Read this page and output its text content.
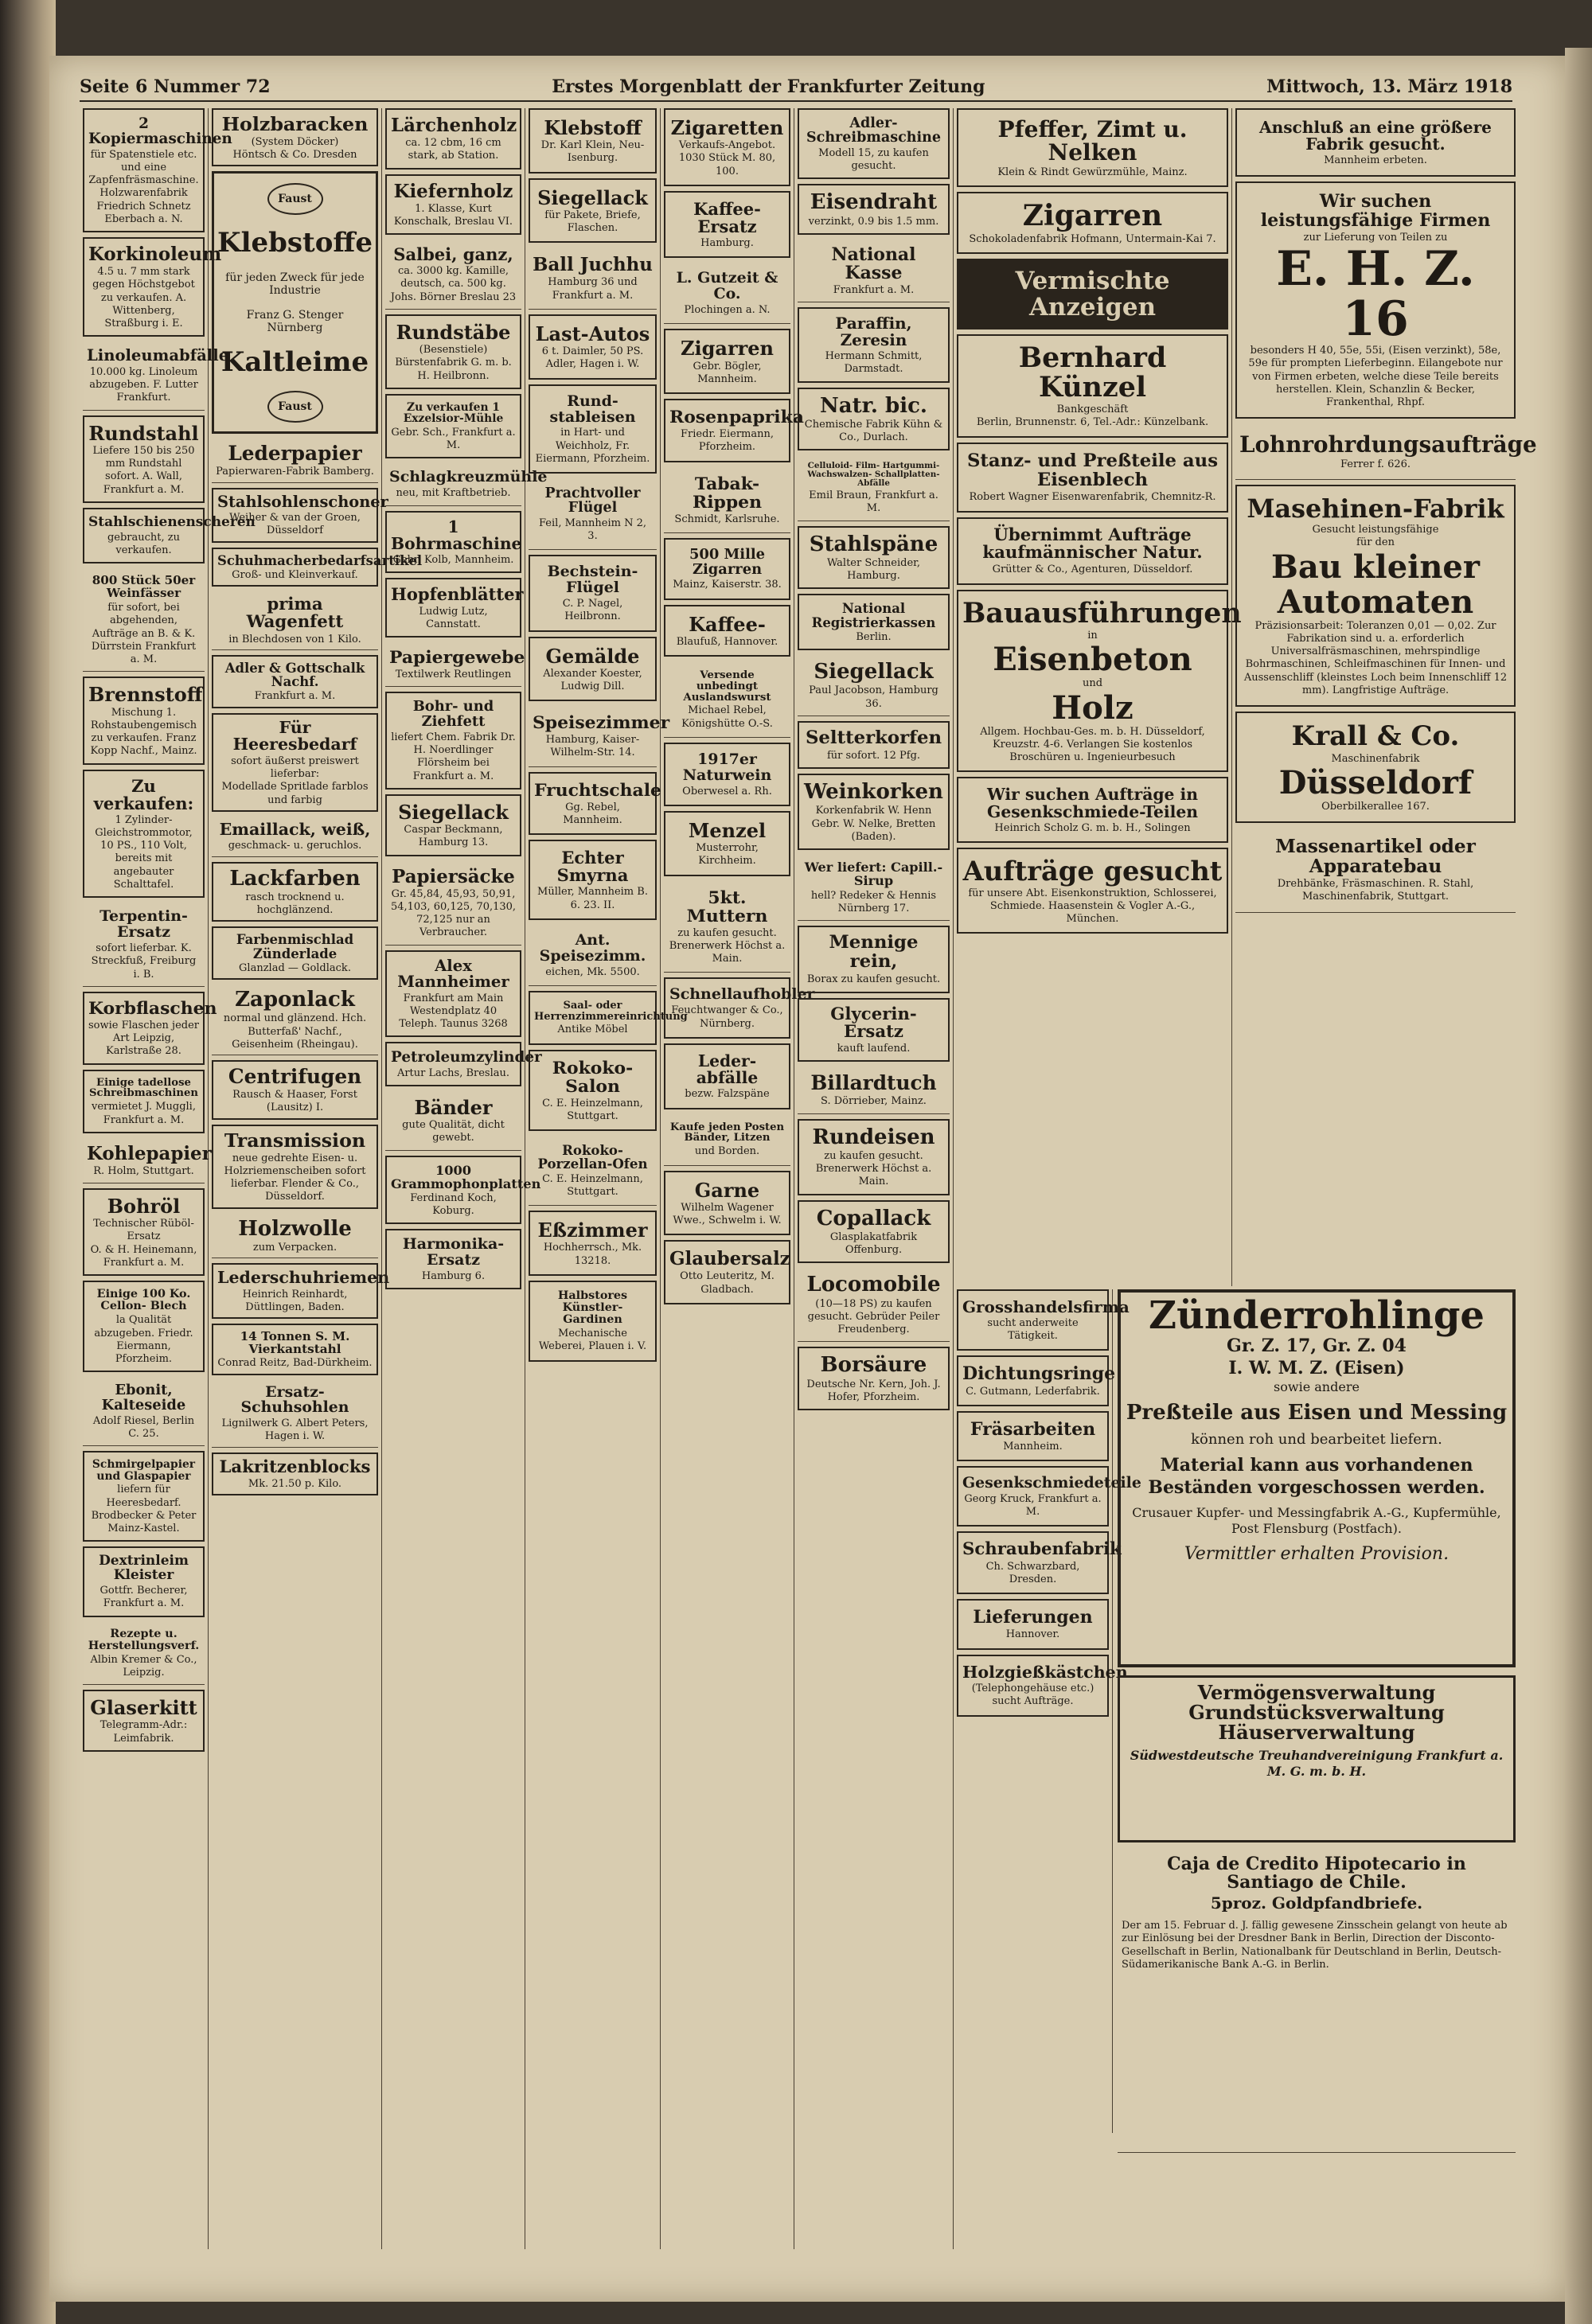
Seite 6 Nummer 72	Erstes Morgenblatt der Frankfurter Zeitung	Mittwoch, 13. März 1918
2 Kopiermaschinen
für Spatenstiele etc. und eine Zapfenfräsmaschine.
Holzwarenfabrik Friedrich Schnetz Eberbach a. N.
Korkinoleum
4.5 u. 7 mm stark gegen Höchstgebot zu verkaufen. A. Wittenberg, Straßburg i. E.
Linoleumabfälle
10.000 kg. Linoleum abzugeben. F. Lutter Frankfurt.
Rundstahl
Liefere 150 bis 250 mm Rundstahl sofort. A. Wall, Frankfurt a. M.
Stahlschienenscheren
gebraucht, zu verkaufen.
800 Stück 50er Weinfässer
für sofort, bei abgehenden, Aufträge an B. & K. Dürrstein Frankfurt a. M.
Brennstoff
Mischung 1. Rohstaubengemisch zu verkaufen. Franz Kopp Nachf., Mainz.
Zu verkaufen:
1 Zylinder-Gleichstrommotor, 10 PS., 110 Volt, bereits mit angebauter Schalttafel.
Terpentin-Ersatz
sofort lieferbar. K. Streckfuß, Freiburg i. B.
Korbflaschen
sowie Flaschen jeder Art Leipzig, Karlstraße 28.
Einige tadellose Schreibmaschinen
vermietet J. Muggli, Frankfurt a. M.
Kohlepapier
R. Holm, Stuttgart.
Bohröl
Technischer Rüböl-Ersatz
O. & H. Heinemann, Frankfurt a. M.
Einige 100 Ko. Cellon- Blech
la Qualität
abzugeben. Friedr. Eiermann, Pforzheim.
Ebonit, Kalteseide
Adolf Riesel, Berlin C. 25.
Schmirgelpapier und Glaspapier
liefern für Heeresbedarf. Brodbecker & Peter Mainz-Kastel.
Dextrinleim Kleister
Gottfr. Becherer, Frankfurt a. M.
Rezepte u. Herstellungsverf.
Albin Kremer & Co., Leipzig.
Glaserkitt
Telegramm-Adr.: Leimfabrik.
Holzbaracken
(System Döcker)
Höntsch & Co. Dresden
Faust
Klebstoffe
für jeden Zweck für jede Industrie
Franz G. Stenger Nürnberg
Kaltleime
Faust
Lederpapier
Papierwaren-Fabrik Bamberg.
Stahlsohlenschoner
Weiher & van der Groen, Düsseldorf
Schuhmacherbedarfsartikel
Groß- und Kleinverkauf.
prima Wagenfett
in Blechdosen von 1 Kilo.
Adler & Gottschalk Nachf.
Frankfurt a. M.
Für Heeresbedarf
sofort äußerst preiswert lieferbar:
Modellade Spritlade farblos und farbig
Emaillack, weiß,
geschmack- u. geruchlos.
Lackfarben
rasch trocknend u. hochglänzend.
Farbenmischlad Zünderlade
Glanzlad — Goldlack.
Zaponlack
normal und glänzend. Hch. Butterfaß' Nachf., Geisenheim (Rheingau).
Centrifugen
Rausch & Haaser, Forst (Lausitz) I.
Transmission
neue gedrehte Eisen- u. Holzriemenscheiben sofort lieferbar. Flender & Co., Düsseldorf.
Holzwolle
zum Verpacken.
Lederschuhriemen
Heinrich Reinhardt, Düttlingen, Baden.
14 Tonnen S. M. Vierkantstahl
Conrad Reitz, Bad-Dürkheim.
Ersatz- Schuhsohlen
Lignilwerk G. Albert Peters, Hagen i. W.
Lakritzenblocks
Mk. 21.50 p. Kilo.
Lärchenholz
ca. 12 cbm, 16 cm stark, ab Station.
Kiefernholz
1. Klasse, Kurt Konschalk, Breslau VI.
Salbei, ganz,
ca. 3000 kg. Kamille, deutsch, ca. 500 kg. Johs. Börner Breslau 23
Rundstäbe
(Besenstiele)
Bürstenfabrik G. m. b. H. Heilbronn.
Zu verkaufen 1 Exzelsior-Mühle
Gebr. Sch., Frankfurt a. M.
Schlagkreuzmühle
neu, mit Kraftbetrieb.
1 Bohrmaschine
Gebr. Kolb, Mannheim.
Hopfenblätter
Ludwig Lutz, Cannstatt.
Papiergewebe
Textilwerk Reutlingen
Bohr- und Ziehfett
liefert Chem. Fabrik Dr. H. Noerdlinger Flörsheim bei Frankfurt a. M.
Siegellack
Caspar Beckmann, Hamburg 13.
Papiersäcke
Gr. 45,84, 45,93, 50,91, 54,103, 60,125, 70,130, 72,125 nur an Verbraucher.
Alex Mannheimer
Frankfurt am Main Westendplatz 40 Teleph. Taunus 3268
Petroleumzylinder
Artur Lachs, Breslau.
Bänder
gute Qualität, dicht gewebt.
1000 Grammophonplatten
Ferdinand Koch, Koburg.
Harmonika-Ersatz
Hamburg 6.
Klebstoff
Dr. Karl Klein, Neu-Isenburg.
Siegellack
für Pakete, Briefe, Flaschen.
Ball Juchhu
Hamburg 36 und Frankfurt a. M.
Last-Autos
6 t. Daimler, 50 PS. Adler, Hagen i. W.
Rund- stableisen
in Hart- und Weichholz, Fr. Eiermann, Pforzheim.
Prachtvoller Flügel
Feil, Mannheim N 2, 3.
Bechstein-Flügel
C. P. Nagel, Heilbronn.
Gemälde
Alexander Koester, Ludwig Dill.
Speisezimmer
Hamburg, Kaiser-Wilhelm-Str. 14.
Fruchtschale
Gg. Rebel, Mannheim.
Echter Smyrna
Müller, Mannheim B. 6. 23. II.
Ant. Speisezimm.
eichen, Mk. 5500.
Saal- oder Herrenzimmereinrichtung
Antike Möbel
Rokoko-Salon
C. E. Heinzelmann, Stuttgart.
Rokoko-Porzellan-Ofen
C. E. Heinzelmann, Stuttgart.
Eßzimmer
Hochherrsch., Mk. 13218.
Halbstores Künstler-Gardinen
Mechanische Weberei, Plauen i. V.
Zigaretten
Verkaufs-Angebot. 1030 Stück M. 80, 100.
Kaffee-Ersatz
Hamburg.
L. Gutzeit & Co.
Plochingen a. N.
Zigarren
Gebr. Bögler, Mannheim.
Rosenpaprika
Friedr. Eiermann, Pforzheim.
Tabak-Rippen
Schmidt, Karlsruhe.
500 Mille Zigarren
Mainz, Kaiserstr. 38.
Kaffee-
Blaufuß, Hannover.
Versende unbedingt Auslandswurst
Michael Rebel, Königshütte O.-S.
1917er Naturwein
Oberwesel a. Rh.
Menzel
Musterrohr, Kirchheim.
5kt. Muttern
zu kaufen gesucht. Brenerwerk Höchst a. Main.
Schnellaufhobler
Feuchtwanger & Co., Nürnberg.
Leder- abfälle
bezw. Falzspäne
Kaufe jeden Posten Bänder, Litzen
und Borden.
Garne
Wilhelm Wagener Wwe., Schwelm i. W.
Glaubersalz
Otto Leuteritz, M. Gladbach.
Adler- Schreibmaschine
Modell 15, zu kaufen gesucht.
Eisendraht
verzinkt, 0.9 bis 1.5 mm.
National Kasse
Frankfurt a. M.
Paraffin, Zeresin
Hermann Schmitt, Darmstadt.
Natr. bic.
Chemische Fabrik Kühn & Co., Durlach.
Celluloid- Film- Hartgummi- Wachswalzen- Schallplatten- Abfälle
Emil Braun, Frankfurt a. M.
Stahlspäne
Walter Schneider, Hamburg.
National Registrierkassen
Berlin.
Siegellack
Paul Jacobson, Hamburg 36.
Seltterkorfen
für sofort. 12 Pfg.
Weinkorken
Korkenfabrik W. Henn Gebr. W. Nelke, Bretten (Baden).
Wer liefert: Capill.-Sirup
hell? Redeker & Hennis Nürnberg 17.
Mennige rein,
Borax zu kaufen gesucht.
Glycerin-Ersatz
kauft laufend.
Billardtuch
S. Dörrieber, Mainz.
Rundeisen
zu kaufen gesucht. Brenerwerk Höchst a. Main.
Copallack
Glasplakatfabrik Offenburg.
Locomobile
(10—18 PS) zu kaufen gesucht. Gebrüder Peiler Freudenberg.
Borsäure
Deutsche Nr. Kern, Joh. J. Hofer, Pforzheim.
Pfeffer, Zimt u. Nelken
Klein & Rindt Gewürzmühle, Mainz.
Zigarren
Schokoladenfabrik Hofmann, Untermain-Kai 7.
Vermischte Anzeigen
Bernhard Künzel
Bankgeschäft
Berlin, Brunnenstr. 6, Tel.-Adr.: Künzelbank.
Stanz- und Preßteile aus Eisenblech
Robert Wagner Eisenwarenfabrik, Chemnitz-R.
Übernimmt Aufträge kaufmännischer Natur.
Grütter & Co., Agenturen, Düsseldorf.
Bauausführungen
in
Eisenbeton
und
Holz
Allgem. Hochbau-Ges. m. b. H. Düsseldorf, Kreuzstr. 4-6. Verlangen Sie kostenlos Broschüren u. Ingenieurbesuch
Wir suchen Aufträge in Gesenkschmiede-Teilen
Heinrich Scholz G. m. b. H., Solingen
Aufträge gesucht
für unsere Abt. Eisenkonstruktion, Schlosserei, Schmiede. Haasenstein & Vogler A.-G., München.
Anschluß an eine größere Fabrik gesucht.
Mannheim erbeten.
Wir suchen leistungsfähige Firmen
zur Lieferung von Teilen zu
E. H. Z. 16
besonders H 40, 55e, 55i, (Eisen verzinkt), 58e, 59e für prompten Lieferbeginn. Eilangebote nur von Firmen erbeten, welche diese Teile bereits herstellen. Klein, Schanzlin & Becker, Frankenthal, Rhpf.
Lohnrohrdungsaufträge
Ferrer f. 626.
Masehinen-Fabrik
Gesucht leistungsfähige
für den
Bau kleiner Automaten
Präzisionsarbeit: Toleranzen 0,01 — 0,02. Zur Fabrikation sind u. a. erforderlich Universalfräsmaschinen, mehrspindlige Bohrmaschinen, Schleifmaschinen für Innen- und Aussenschliff (kleinstes Loch beim Innenschliff 12 mm). Langfristige Aufträge.
Krall & Co.
Maschinenfabrik
Düsseldorf
Oberbilkerallee 167.
Massenartikel oder Apparatebau
Drehbänke, Fräsmaschinen. R. Stahl, Maschinenfabrik, Stuttgart.
Grosshandelsfirma
sucht anderweite Tätigkeit.
Dichtungsringe
C. Gutmann, Lederfabrik.
Fräsarbeiten
Mannheim.
Gesenkschmiedeteile
Georg Kruck, Frankfurt a. M.
Schraubenfabrik
Ch. Schwarzbard, Dresden.
Lieferungen
Hannover.
Holzgießkästchen
(Telephongehäuse etc.) sucht Aufträge.
Zünderrohlinge
Gr. Z. 17, Gr. Z. 04
I. W. M. Z. (Eisen)
sowie andere
Preßteile aus Eisen und Messing
können roh und bearbeitet liefern.
Material kann aus vorhandenen Beständen vorgeschossen werden.
Crusauer Kupfer- und Messingfabrik A.-G., Kupfermühle, Post Flensburg (Postfach).
Vermittler erhalten Provision.
Vermögensverwaltung Grundstücksverwaltung Häuserverwaltung
Südwestdeutsche Treuhandvereinigung Frankfurt a. M. G. m. b. H.
Caja de Credito Hipotecario in Santiago de Chile.
5proz. Goldpfandbriefe.
Der am 15. Februar d. J. fällig gewesene Zinsschein gelangt von heute ab zur Einlösung bei der Dresdner Bank in Berlin, Direction der Disconto-Gesellschaft in Berlin, Nationalbank für Deutschland in Berlin, Deutsch-Südamerikanische Bank A.-G. in Berlin.
